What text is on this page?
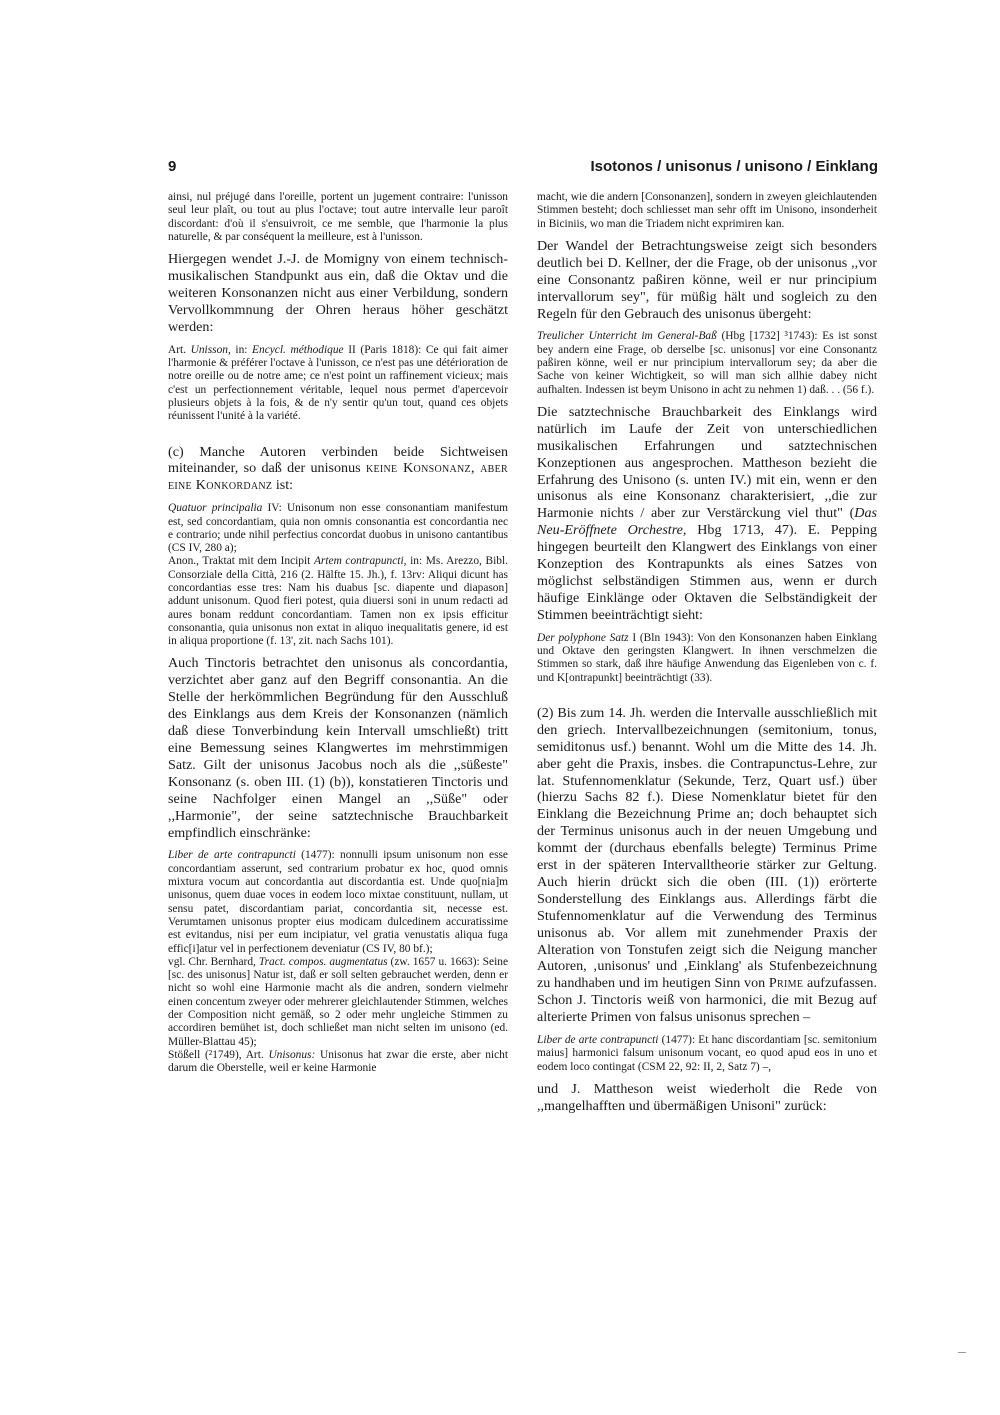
9	Isotonos / unisonus / unisono / Einklang

ainsi, nul préjugé dans l'oreille, portent un jugement contraire: l'unisson seul leur plaît, ou tout au plus l'octave; tout autre intervalle leur paroît discordant: d'où il s'ensuivroit, ce me semble, que l'harmonie la plus naturelle, & par conséquent la meilleure, est à l'unisson.

Hiergegen wendet J.-J. de Momigny von einem technisch-musikalischen Standpunkt aus ein, daß die Oktav und die weiteren Konsonanzen nicht aus einer Verbildung, sondern Vervollkommnung der Ohren heraus höher geschätzt werden:

Art. Unisson, in: Encycl. méthodique II (Paris 1818): Ce qui fait aimer l'harmonie & préférer l'octave à l'unisson, ce n'est pas une détérioration de notre oreille ou de notre ame; ce n'est point un raffinement vicieux; mais c'est un perfectionnement véritable, lequel nous permet d'apercevoir plusieurs objets à la fois, & de n'y sentir qu'un tout, quand ces objets réunissent l'unité à la variété.

(c) Manche Autoren verbinden beide Sichtweisen miteinander, so daß der unisonus keine Konsonanz, aber eine Konkordanz ist:

Quatuor principalia IV: Unisonum non esse consonantiam manifestum est, sed concordantiam, quia non omnis consonantia est concordantia nec e contrario; unde nihil perfectius concordat duobus in unisono cantantibus (CS IV, 280 a);

Anon., Traktat mit dem Incipit Artem contrapuncti, in: Ms. Arezzo, Bibl. Consorziale della Città, 216 (2. Hälfte 15. Jh.), f. 13rv: Aliqui dicunt has concordantias esse tres: Nam his duabus [sc. diapente und diapason] addunt unisonum. Quod fieri potest, quia diuersi soni in unum redacti ad aures bonam reddunt concordantiam. Tamen non ex ipsis efficitur consonantia, quia unisonus non extat in aliquo inequalitatis genere, id est in aliqua proportione (f. 13', zit. nach Sachs 101).

Auch Tinctoris betrachtet den unisonus als concordantia, verzichtet aber ganz auf den Begriff consonantia. An die Stelle der herkömmlichen Begründung für den Ausschluß des Einklangs aus dem Kreis der Konsonanzen (nämlich daß diese Tonverbindung kein Intervall umschließt) tritt eine Bemessung seines Klangwertes im mehrstimmigen Satz. Gilt der unisonus Jacobus noch als die ,,süßeste" Konsonanz (s. oben III. (1) (b)), konstatieren Tinctoris und seine Nachfolger einen Mangel an ,,Süße" oder ,,Harmonie", der seine satztechnische Brauchbarkeit empfindlich einschränke:

Liber de arte contrapuncti (1477): nonnulli ipsum unisonum non esse concordantiam asserunt, sed contrarium probatur ex hoc, quod omnis mixtura vocum aut concordantia aut discordantia est. Unde quo[nia]m unisonus, quem duae voces in eodem loco mixtae constituunt, nullam, ut sensu patet, discordantiam pariat, concordantia sit, necesse est. Verumtamen unisonus propter eius modicam dulcedinem accuratissime est evitandus, nisi per eum incipiatur, vel gratia venustatis aliqua fuga effic[i]atur vel in perfectionem deveniatur (CS IV, 80 bf.);

vgl. Chr. Bernhard, Tract. compos. augmentatus (zw. 1657 u. 1663): Seine [sc. des unisonus] Natur ist, daß er soll selten gebrauchet werden, denn er nicht so wohl eine Harmonie macht als die andren, sondern vielmehr einen concentum zweyer oder mehrerer gleichlautender Stimmen, welches der Composition nicht gemäß, so 2 oder mehr ungleiche Stimmen zu accordiren bemühet ist, doch schließet man nicht selten im unisono (ed. Müller-Blattau 45);

Stößell (²1749), Art. Unisonus: Unisonus hat zwar die erste, aber nicht darum die Oberstelle, weil er keine Harmonie

macht, wie die andern [Consonanzen], sondern in zweyen gleichlautenden Stimmen besteht; doch schliesset man sehr offt im Unisono, insonderheit in Biciniis, wo man die Triadem nicht exprimiren kan.

Der Wandel der Betrachtungsweise zeigt sich besonders deutlich bei D. Kellner, der die Frage, ob der unisonus ,,vor eine Consonantz paßiren könne, weil er nur principium intervallorum sey", für müßig hält und sogleich zu den Regeln für den Gebrauch des unisonus übergeht:

Treulicher Unterricht im General-Baß (Hbg [1732] ³1743): Es ist sonst bey andern eine Frage, ob derselbe [sc. unisonus] vor eine Consonantz paßiren könne, weil er nur principium intervallorum sey; da aber die Sache von keiner Wichtigkeit, so will man sich allhie dabey nicht aufhalten. Indessen ist beym Unisono in acht zu nehmen 1) daß. . . (56 f.).

Die satztechnische Brauchbarkeit des Einklangs wird natürlich im Laufe der Zeit von unterschiedlichen musikalischen Erfahrungen und satztechnischen Konzeptionen aus angesprochen. Mattheson bezieht die Erfahrung des Unisono (s. unten IV.) mit ein, wenn er den unisonus als eine Konsonanz charakterisiert, ,,die zur Harmonie nichts / aber zur Verstärckung viel thut" (Das Neu-Eröffnete Orchestre, Hbg 1713, 47). E. Pepping hingegen beurteilt den Klangwert des Einklangs von einer Konzeption des Kontrapunkts als eines Satzes von möglichst selbständigen Stimmen aus, wenn er durch häufige Einklänge oder Oktaven die Selbständigkeit der Stimmen beeinträchtigt sieht:

Der polyphone Satz I (Bln 1943): Von den Konsonanzen haben Einklang und Oktave den geringsten Klangwert. In ihnen verschmelzen die Stimmen so stark, daß ihre häufige Anwendung das Eigenleben von c. f. und K[ontrapunkt] beeinträchtigt (33).

(2) Bis zum 14. Jh. werden die Intervalle ausschließlich mit den griech. Intervallbezeichnungen (semitonium, tonus, semiditonus usf.) benannt. Wohl um die Mitte des 14. Jh. aber geht die Praxis, insbes. die Contrapunctus-Lehre, zur lat. Stufennomenklatur (Sekunde, Terz, Quart usf.) über (hierzu Sachs 82 f.). Diese Nomenklatur bietet für den Einklang die Bezeichnung Prime an; doch behauptet sich der Terminus unisonus auch in der neuen Umgebung und kommt der (durchaus ebenfalls belegte) Terminus Prime erst in der späteren Intervalltheorie stärker zur Geltung. Auch hierin drückt sich die oben (III. (1)) erörterte Sonderstellung des Einklangs aus. Allerdings färbt die Stufennomenklatur auf die Verwendung des Terminus unisonus ab. Vor allem mit zunehmender Praxis der Alteration von Tonstufen zeigt sich die Neigung mancher Autoren, ‚unisonus' und ‚Einklang' als Stufenbezeichnung zu handhaben und im heutigen Sinn von Prime aufzufassen. Schon J. Tinctoris weiß von harmonici, die mit Bezug auf alterierte Primen von falsus unisonus sprechen –

Liber de arte contrapuncti (1477): Et hanc discordantiam [sc. semitonium maius] harmonici falsum unisonum vocant, eo quod apud eos in uno et eodem loco contingat (CSM 22, 92: II, 2, Satz 7) –,

und J. Mattheson weist wiederholt die Rede von ,,mangelhafften und übermäßigen Unisoni" zurück:
